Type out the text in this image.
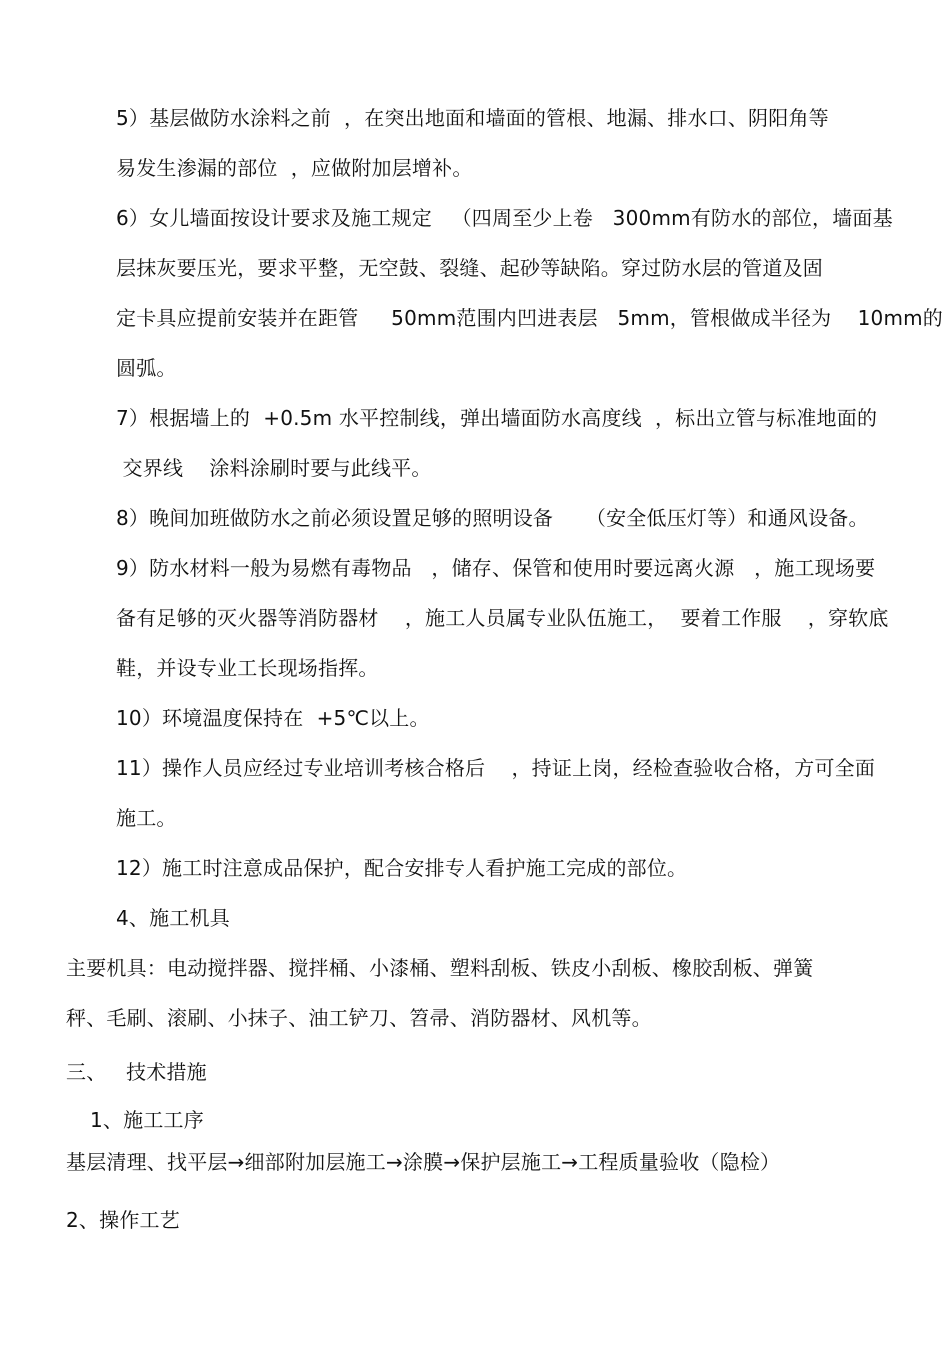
5）基层做防水涂料之前  ，在突出地面和墙面的管根、地漏、排水口、阴阳角等
易发生渗漏的部位  ，应做附加层增补。
6）女儿墙面按设计要求及施工规定   （四周至少上卷   300mm有防水的部位，墙面基
层抹灰要压光，要求平整，无空鼓、裂缝、起砂等缺陷。穿过防水层的管道及固
定卡具应提前安装并在距管     50mm范围内凹进表层   5mm，管根做成半径为    10mm的
圆弧。
7）根据墙上的  +0.5m 水平控制线，弹出墙面防水高度线  ，标出立管与标准地面的
交界线    涂料涂刷时要与此线平。
8）晚间加班做防水之前必须设置足够的照明设备     （安全低压灯等）和通风设备。
9）防水材料一般为易燃有毒物品   ，储存、保管和使用时要远离火源   ，施工现场要
备有足够的灭火器等消防器材    ，施工人员属专业队伍施工，  要着工作服    ，穿软底
鞋，并设专业工长现场指挥。
10）环境温度保持在  +5℃以上。
11）操作人员应经过专业培训考核合格后    ，持证上岗，经检查验收合格，方可全面
施工。
12）施工时注意成品保护，配合安排专人看护施工完成的部位。
4、施工机具
主要机具：电动搅拌器、搅拌桶、小漆桶、塑料刮板、铁皮小刮板、橡胶刮板、弹簧
秤、毛刷、滚刷、小抹子、油工铲刀、笤帚、消防器材、风机等。
三、   技术措施
1、施工工序
基层清理、找平层→细部附加层施工→涂膜→保护层施工→工程质量验收（隐检）
2、操作工艺
